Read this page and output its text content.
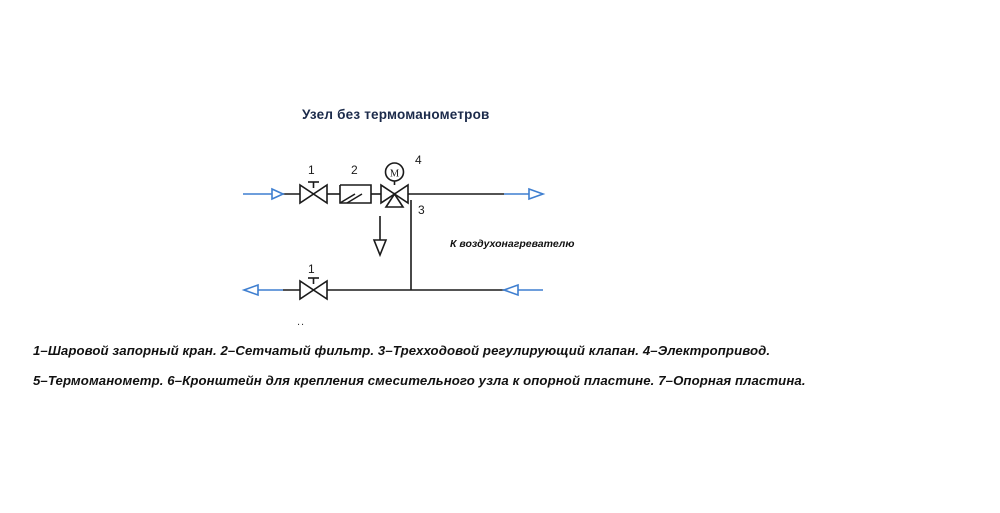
Узел без термоманометров
M
1	2
4
3
1
К воздухонагревателю
..
1–Шаровой запорный кран. 2–Сетчатый фильтр. 3–Трехходовой регулирующий клапан. 4–Электропривод.
5–Термоманометр. 6–Кронштейн для крепления смесительного узла к опорной пластине. 7–Опорная пластина.
